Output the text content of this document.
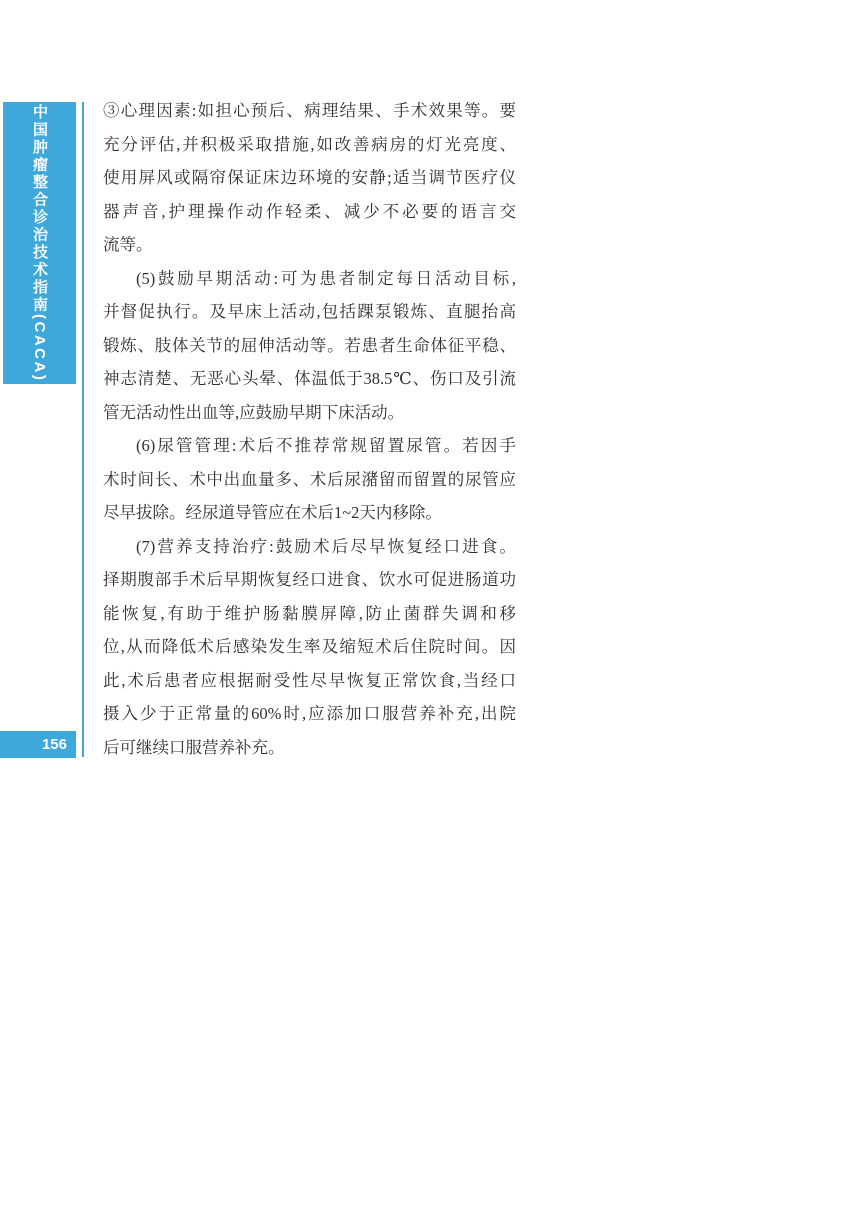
中国肿瘤整合诊治技术指南(CACA)
156
③心理因素:如担心预后、病理结果、手术效果等。要
充分评估,并积极采取措施,如改善病房的灯光亮度、
使用屏风或隔帘保证床边环境的安静;适当调节医疗仪
器声音,护理操作动作轻柔、减少不必要的语言交
流等。
(5)鼓励早期活动:可为患者制定每日活动目标,
并督促执行。及早床上活动,包括踝泵锻炼、直腿抬高
锻炼、肢体关节的屈伸活动等。若患者生命体征平稳、
神志清楚、无恶心头晕、体温低于38.5℃、伤口及引流
管无活动性出血等,应鼓励早期下床活动。
(6)尿管管理:术后不推荐常规留置尿管。若因手
术时间长、术中出血量多、术后尿潴留而留置的尿管应
尽早拔除。经尿道导管应在术后1~2天内移除。
(7)营养支持治疗:鼓励术后尽早恢复经口进食。
择期腹部手术后早期恢复经口进食、饮水可促进肠道功
能恢复,有助于维护肠黏膜屏障,防止菌群失调和移
位,从而降低术后感染发生率及缩短术后住院时间。因
此,术后患者应根据耐受性尽早恢复正常饮食,当经口
摄入少于正常量的60%时,应添加口服营养补充,出院
后可继续口服营养补充。
